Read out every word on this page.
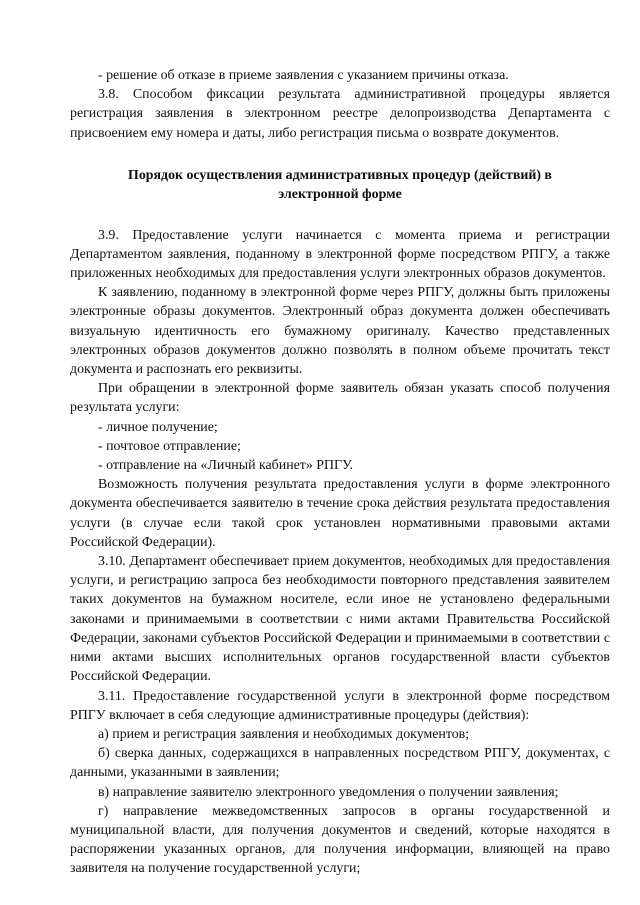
- решение об отказе в приеме заявления с указанием причины отказа.

3.8. Способом фиксации результата административной процедуры является регистрация заявления в электронном реестре делопроизводства Департамента с присвоением ему номера и даты, либо регистрация письма о возврате документов.

Порядок осуществления административных процедур (действий) в
электронной форме

3.9. Предоставление услуги начинается с момента приема и регистрации Департаментом заявления, поданному в электронной форме посредством РПГУ, а также приложенных необходимых для предоставления услуги электронных образов документов.

К заявлению, поданному в электронной форме через РПГУ, должны быть приложены электронные образы документов. Электронный образ документа должен обеспечивать визуальную идентичность его бумажному оригиналу. Качество представленных электронных образов документов должно позволять в полном объеме прочитать текст документа и распознать его реквизиты.

При обращении в электронной форме заявитель обязан указать способ получения результата услуги:

- личное получение;

- почтовое отправление;

- отправление на «Личный кабинет» РПГУ.

Возможность получения результата предоставления услуги в форме электронного документа обеспечивается заявителю в течение срока действия результата предоставления услуги (в случае если такой срок установлен нормативными правовыми актами Российской Федерации).

3.10. Департамент обеспечивает прием документов, необходимых для предоставления услуги, и регистрацию запроса без необходимости повторного представления заявителем таких документов на бумажном носителе, если иное не установлено федеральными законами и принимаемыми в соответствии с ними актами Правительства Российской Федерации, законами субъектов Российской Федерации и принимаемыми в соответствии с ними актами высших исполнительных органов государственной власти субъектов Российской Федерации.

3.11. Предоставление государственной услуги в электронной форме посредством РПГУ включает в себя следующие административные процедуры (действия):

а) прием и регистрация заявления и необходимых документов;

б) сверка данных, содержащихся в направленных посредством РПГУ, документах, с данными, указанными в заявлении;

в) направление заявителю электронного уведомления о получении заявления;

г) направление межведомственных запросов в органы государственной и муниципальной власти, для получения документов и сведений, которые находятся в распоряжении указанных органов, для получения информации, влияющей на право заявителя на получение государственной услуги;
